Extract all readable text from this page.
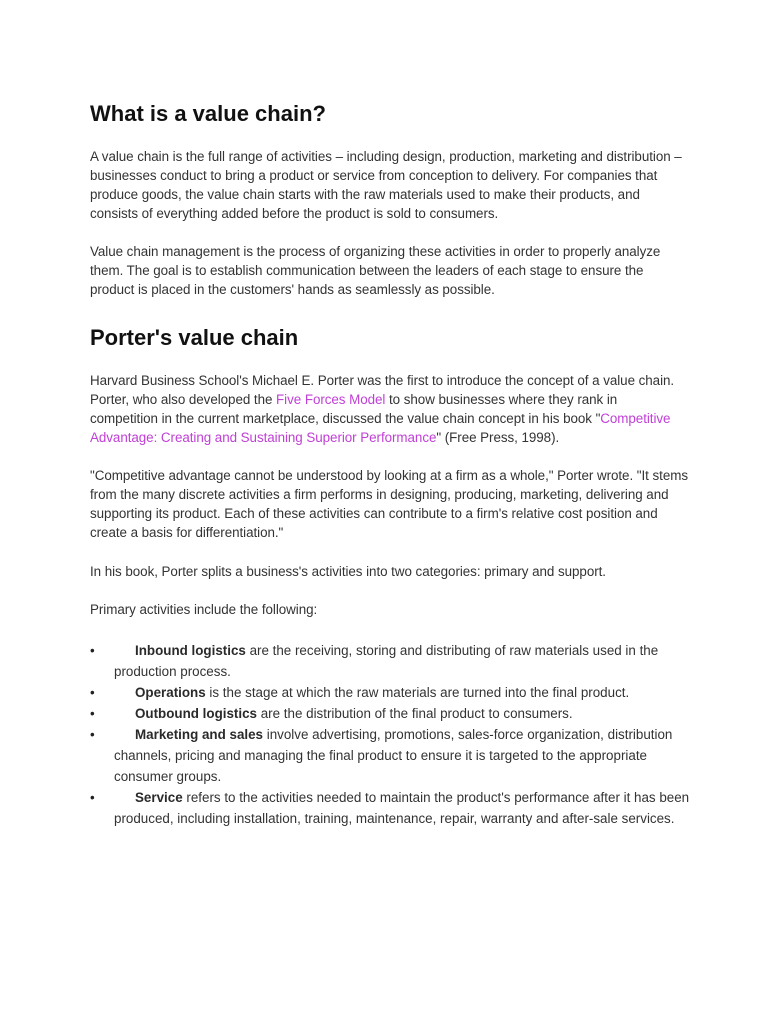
What is a value chain?

A value chain is the full range of activities – including design, production, marketing and distribution – businesses conduct to bring a product or service from conception to delivery. For companies that produce goods, the value chain starts with the raw materials used to make their products, and consists of everything added before the product is sold to consumers.

Value chain management is the process of organizing these activities in order to properly analyze them. The goal is to establish communication between the leaders of each stage to ensure the product is placed in the customers' hands as seamlessly as possible.

Porter's value chain

Harvard Business School's Michael E. Porter was the first to introduce the concept of a value chain. Porter, who also developed the Five Forces Model to show businesses where they rank in competition in the current marketplace, discussed the value chain concept in his book "Competitive Advantage: Creating and Sustaining Superior Performance" (Free Press, 1998).

"Competitive advantage cannot be understood by looking at a firm as a whole," Porter wrote. "It stems from the many discrete activities a firm performs in designing, producing, marketing, delivering and supporting its product. Each of these activities can contribute to a firm's relative cost position and create a basis for differentiation."

In his book, Porter splits a business's activities into two categories: primary and support.

Primary activities include the following:

•	Inbound logistics are the receiving, storing and distributing of raw materials used in the production process.
•	Operations is the stage at which the raw materials are turned into the final product.
•	Outbound logistics are the distribution of the final product to consumers.
•	Marketing and sales involve advertising, promotions, sales-force organization, distribution channels, pricing and managing the final product to ensure it is targeted to the appropriate consumer groups.
•	Service refers to the activities needed to maintain the product's performance after it has been produced, including installation, training, maintenance, repair, warranty and after-sale services.
